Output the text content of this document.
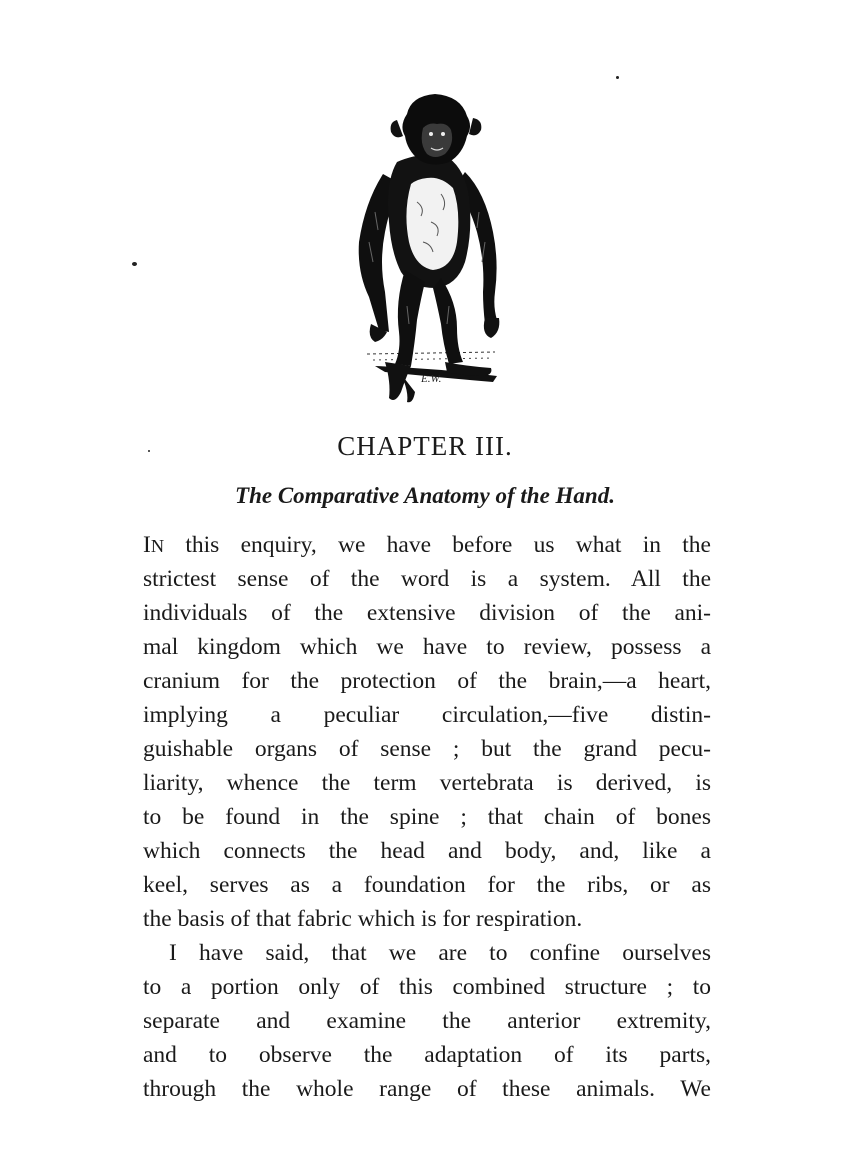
E.W.
CHAPTER III.
The Comparative Anatomy of the Hand.
IN this enquiry, we have before us what in the
strictest sense of the word is a system. All the
individuals of the extensive division of the ani-
mal kingdom which we have to review, possess a
cranium for the protection of the brain,—a heart,
implying a peculiar circulation,—five distin-
guishable organs of sense ; but the grand pecu-
liarity, whence the term vertebrata is derived, is
to be found in the spine ; that chain of bones
which connects the head and body, and, like a
keel, serves as a foundation for the ribs, or as
the basis of that fabric which is for respiration.
I have said, that we are to confine ourselves
to a portion only of this combined structure ; to
separate and examine the anterior extremity,
and to observe the adaptation of its parts,
through the whole range of these animals. We
